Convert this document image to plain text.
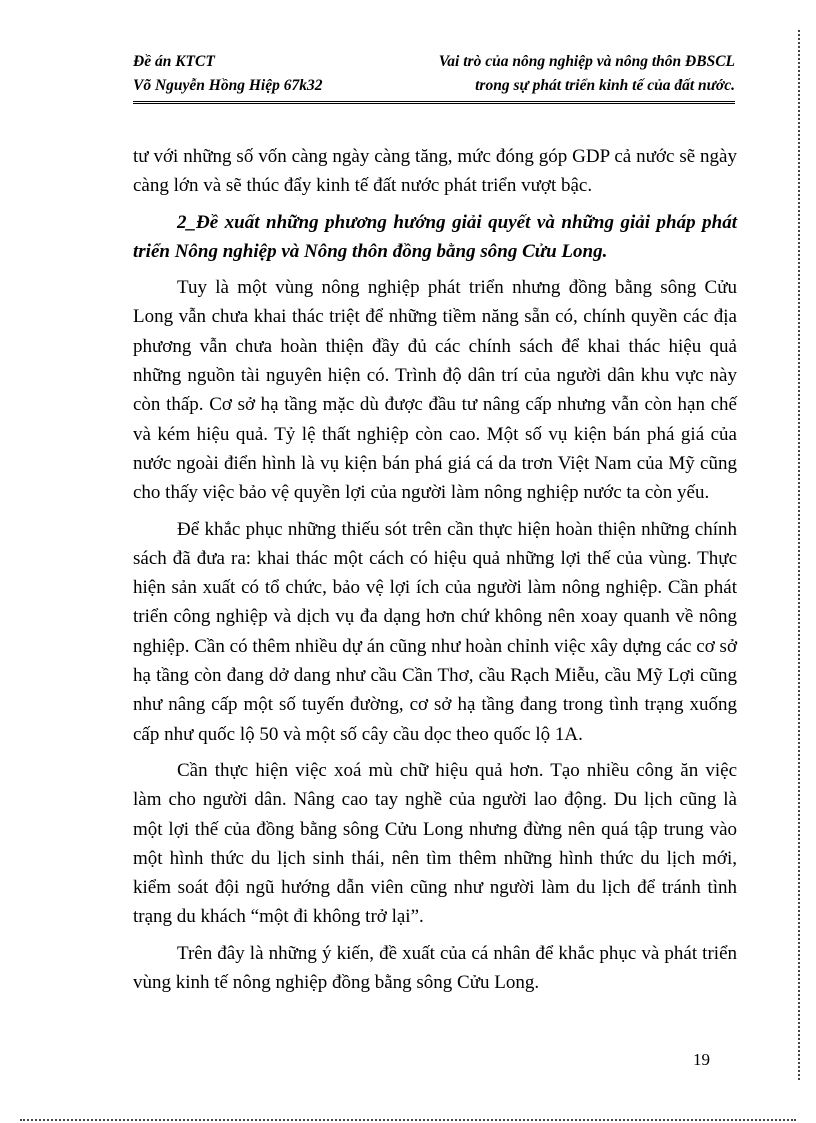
Đề án KTCT
Võ Nguyễn Hồng Hiệp 67k32
Vai trò của nông nghiệp và nông thôn ĐBSCL
trong sự phát triển kinh tế của đất nước.

tư với những số vốn càng ngày càng tăng, mức đóng góp GDP cả nước sẽ ngày càng lớn và sẽ thúc đẩy kinh tế đất nước phát triển vượt bậc.

2_Đề xuất những phương hướng giải quyết và những giải pháp phát triển Nông nghiệp và Nông thôn đồng bằng sông Cửu Long.

Tuy là một vùng nông nghiệp phát triển nhưng đồng bằng sông Cửu Long vẫn chưa khai thác triệt để những tiềm năng sẵn có, chính quyền các địa phương vẫn chưa hoàn thiện đầy đủ các chính sách để khai thác hiệu quả những nguồn tài nguyên hiện có. Trình độ dân trí của người dân khu vực này còn thấp. Cơ sở hạ tầng mặc dù được đầu tư nâng cấp nhưng vẫn còn hạn chế và kém hiệu quả. Tỷ lệ thất nghiệp còn cao. Một số vụ kiện bán phá giá của nước ngoài điển hình là vụ kiện bán phá giá cá da trơn Việt Nam của Mỹ cũng cho thấy việc bảo vệ quyền lợi của người làm nông nghiệp nước ta còn yếu.

Để khắc phục những thiếu sót trên cần thực hiện hoàn thiện những chính sách đã đưa ra: khai thác một cách có hiệu quả những lợi thế của vùng. Thực hiện sản xuất có tổ chức, bảo vệ lợi ích của người làm nông nghiệp. Cần phát triển công nghiệp và dịch vụ đa dạng hơn chứ không nên xoay quanh về nông nghiệp. Cần có thêm nhiều dự án cũng như hoàn chỉnh việc xây dựng các cơ sở hạ tầng còn đang dở dang như cầu Cần Thơ, cầu Rạch Miễu, cầu Mỹ Lợi cũng như nâng cấp một số tuyến đường, cơ sở hạ tầng đang trong tình trạng xuống cấp như quốc lộ 50 và một số cây cầu dọc theo quốc lộ 1A.

Cần thực hiện việc xoá mù chữ hiệu quả hơn. Tạo nhiều công ăn việc làm cho người dân. Nâng cao tay nghề của người lao động. Du lịch cũng là một lợi thế của đồng bằng sông Cửu Long nhưng đừng nên quá tập trung vào một hình thức du lịch sinh thái, nên tìm thêm những hình thức du lịch mới, kiểm soát đội ngũ hướng dẫn viên cũng như người làm du lịch để tránh tình trạng du khách “một đi không trở lại”.

Trên đây là những ý kiến, đề xuất của cá nhân để khắc phục và phát triển vùng kinh tế nông nghiệp đồng bằng sông Cửu Long.

19
